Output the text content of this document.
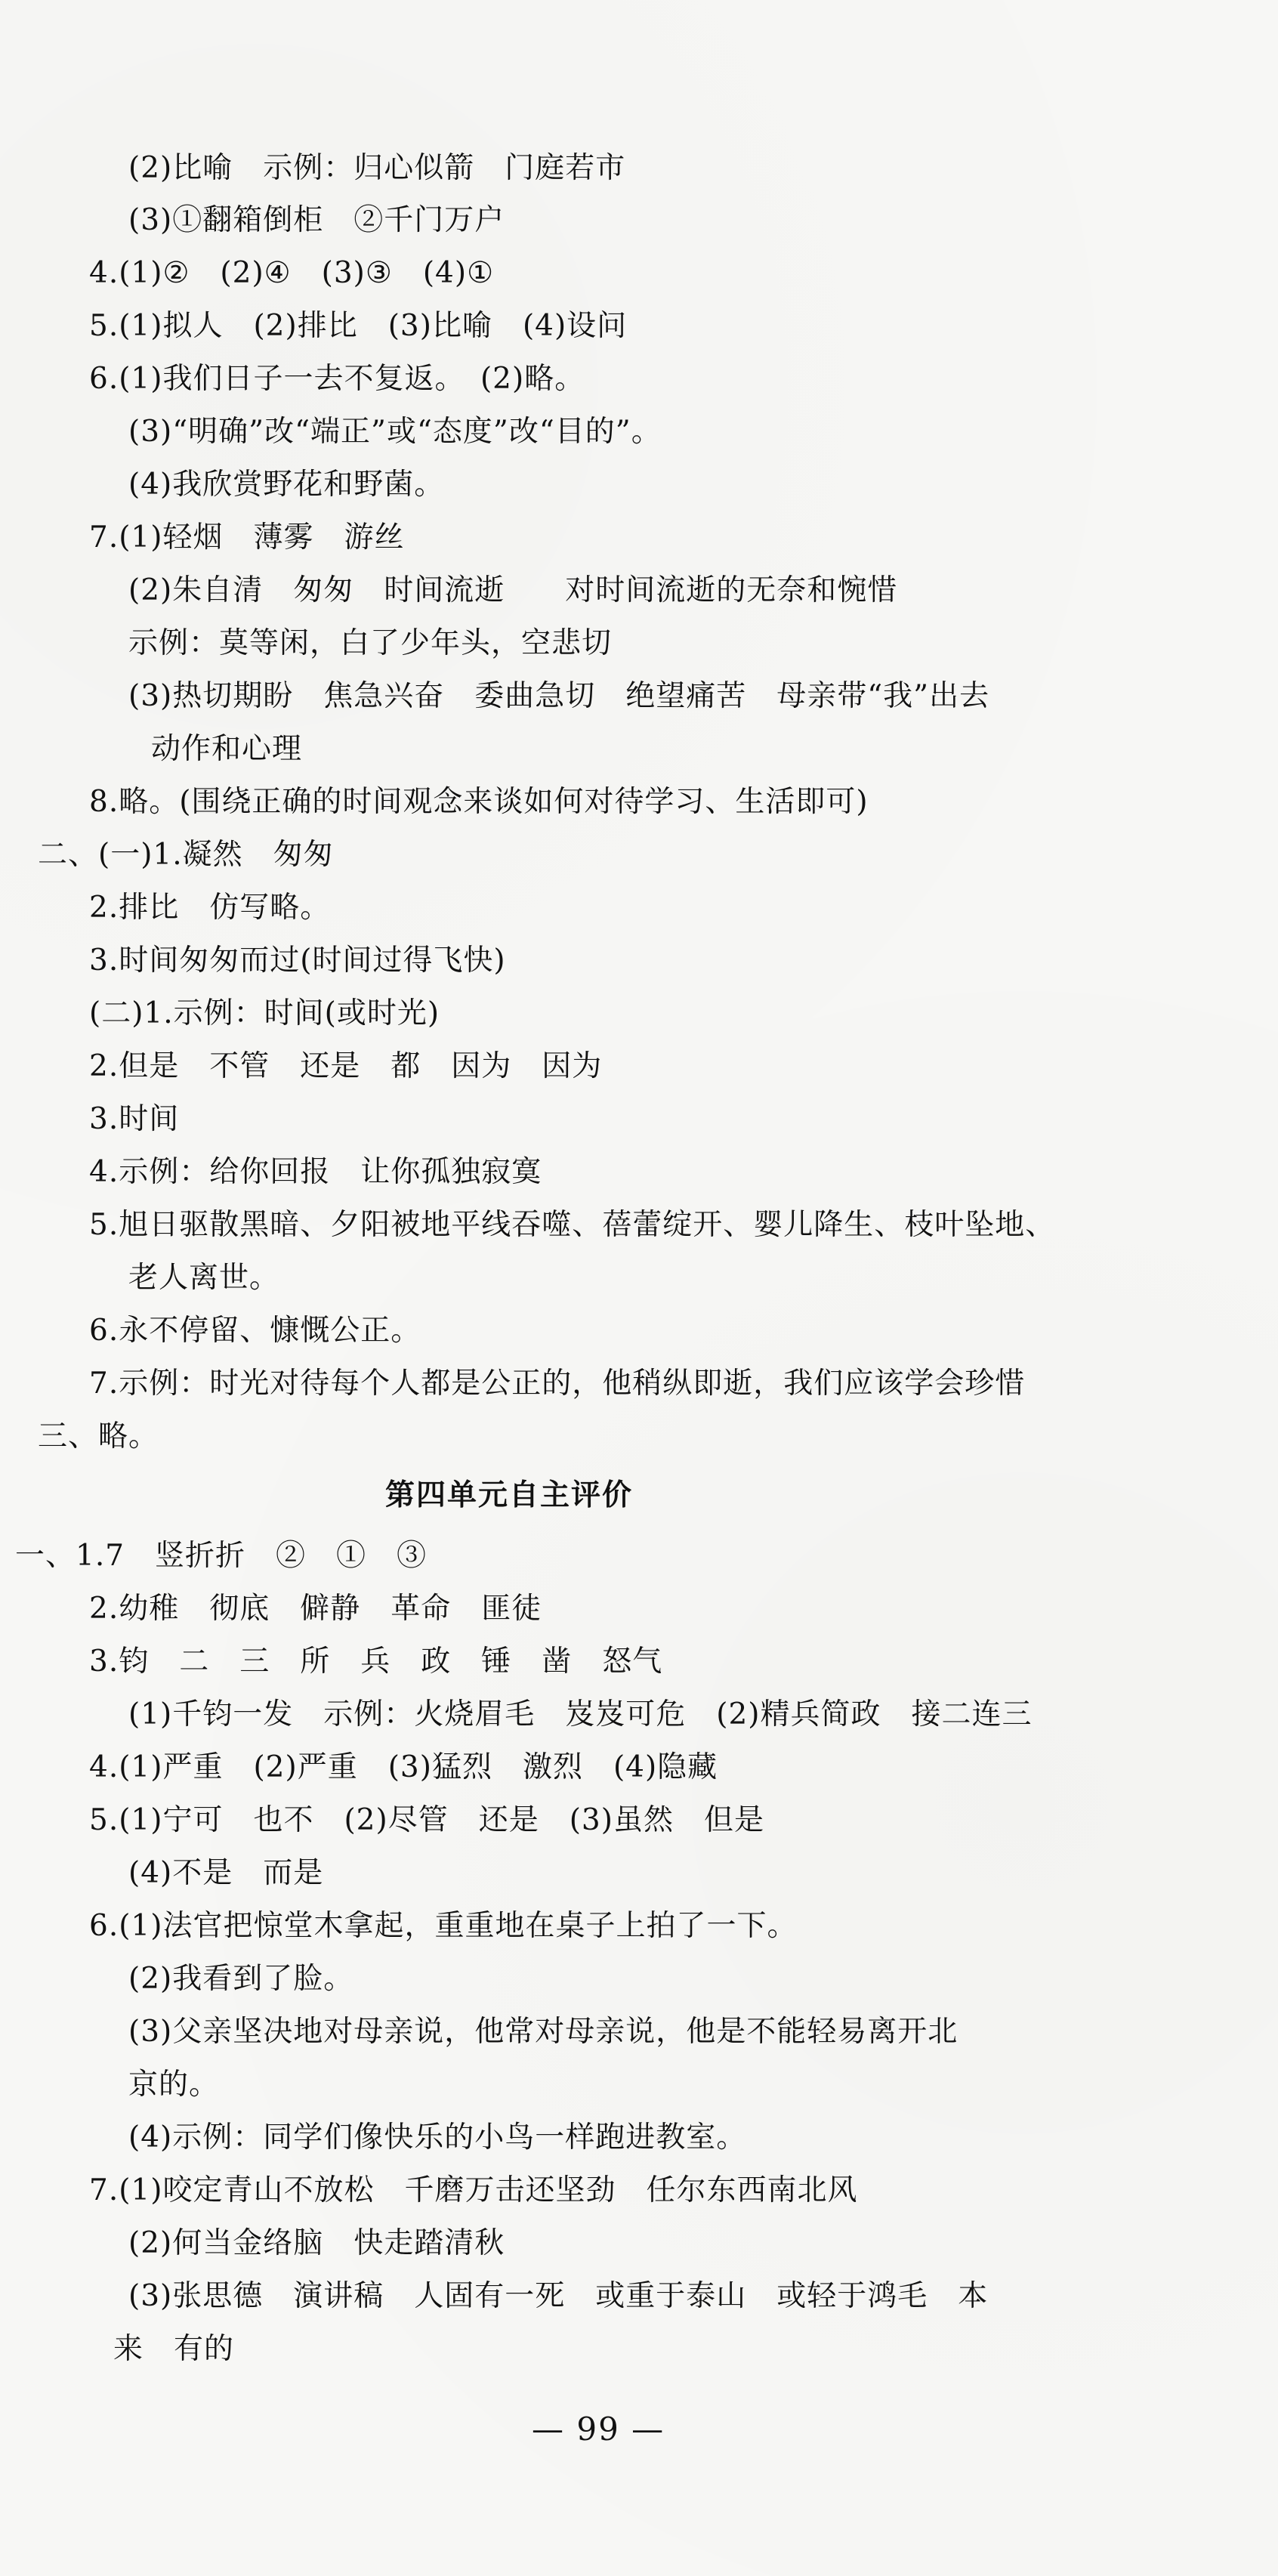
(2)比喻　示例：归心似箭　门庭若市
(3)①翻箱倒柜　②千门万户
4.(1)②　(2)④　(3)③　(4)①
5.(1)拟人　(2)排比　(3)比喻　(4)设问
6.(1)我们日子一去不复返。　(2)略。
(3)“明确”改“端正”或“态度”改“目的”。
(4)我欣赏野花和野菌。
7.(1)轻烟　薄雾　游丝
(2)朱自清　匆匆　时间流逝　　对时间流逝的无奈和惋惜
示例：莫等闲，白了少年头，空悲切
(3)热切期盼　焦急兴奋　委曲急切　绝望痛苦　母亲带“我”出去
动作和心理
8.略。(围绕正确的时间观念来谈如何对待学习、生活即可)
二、(一)1.凝然　匆匆
2.排比　仿写略。
3.时间匆匆而过(时间过得飞快)
(二)1.示例：时间(或时光)
2.但是　不管　还是　都　因为　因为
3.时间
4.示例：给你回报　让你孤独寂寞
5.旭日驱散黑暗、夕阳被地平线吞噬、蓓蕾绽开、婴儿降生、枝叶坠地、
老人离世。
6.永不停留、慷慨公正。
7.示例：时光对待每个人都是公正的，他稍纵即逝，我们应该学会珍惜
三、略。
第四单元自主评价
一、1.7　竖折折　②　①　③
2.幼稚　彻底　僻静　革命　匪徒
3.钧　二　三　所　兵　政　锤　凿　怒气
(1)千钧一发　示例：火烧眉毛　岌岌可危　(2)精兵简政　接二连三
4.(1)严重　(2)严重　(3)猛烈　激烈　(4)隐藏
5.(1)宁可　也不　(2)尽管　还是　(3)虽然　但是
(4)不是　而是
6.(1)法官把惊堂木拿起，重重地在桌子上拍了一下。
(2)我看到了脸。
(3)父亲坚决地对母亲说，他常对母亲说，他是不能轻易离开北
京的。
(4)示例：同学们像快乐的小鸟一样跑进教室。
7.(1)咬定青山不放松　千磨万击还坚劲　任尔东西南北风
(2)何当金络脑　快走踏清秋
(3)张思德　演讲稿　人固有一死　或重于泰山　或轻于鸿毛　本
来　有的
— 99 —
